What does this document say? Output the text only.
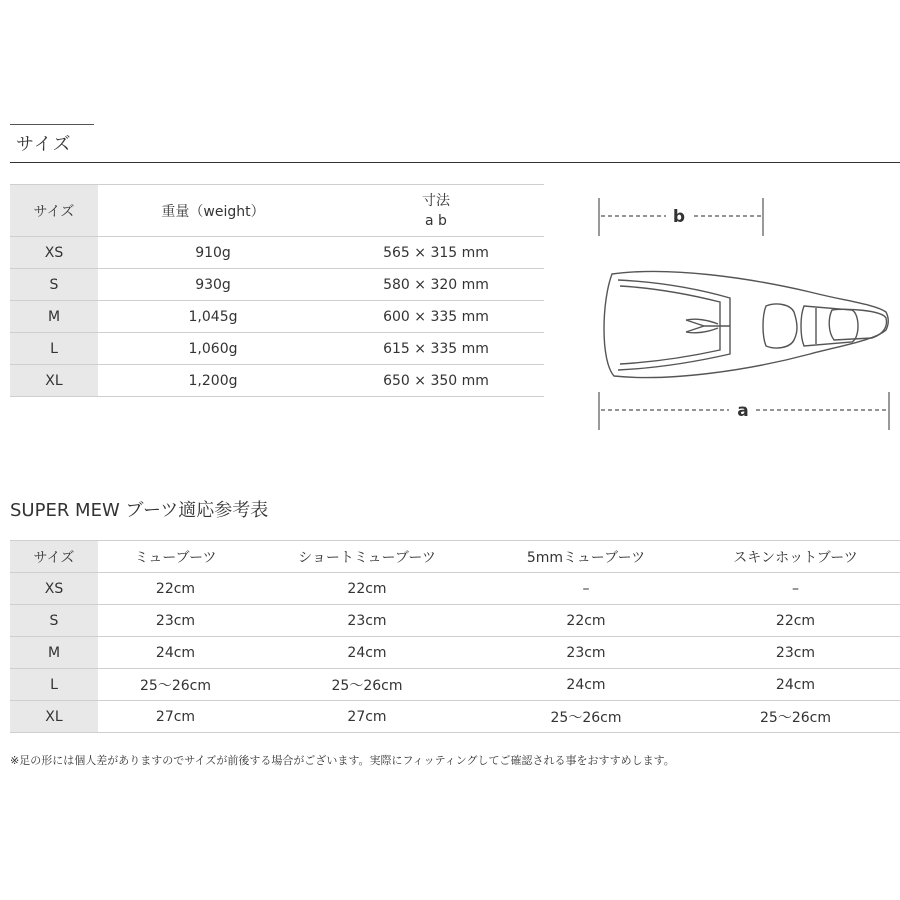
サイズ
サイズ	重量（weight）	寸法
a b

XS	910g	565 × 315 mm
S	930g	580 × 320 mm
M	1,045g	600 × 335 mm
L	1,060g	615 × 335 mm
XL	1,200g	650 × 350 mm
b
a
SUPER MEW ブーツ適応参考表
サイズ	ミューブーツ	ショートミューブーツ	5mmミューブーツ	スキンホットブーツ
XS	22cm	22cm	–	–
S	23cm	23cm	22cm	22cm
M	24cm	24cm	23cm	23cm
L	25～26cm	25～26cm	24cm	24cm
XL	27cm	27cm	25～26cm	25～26cm
※足の形には個人差がありますのでサイズが前後する場合がございます。実際にフィッティングしてご確認される事をおすすめします。
